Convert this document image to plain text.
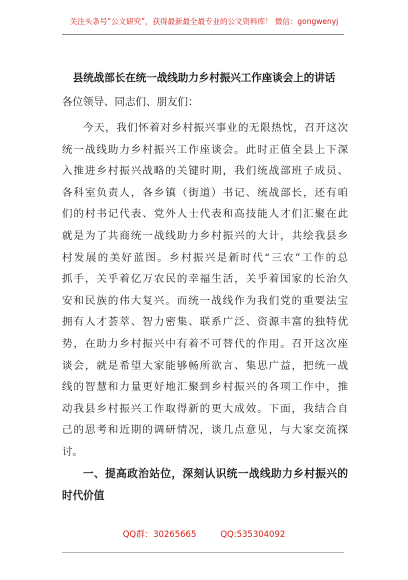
关注头条号“公文研究”，获得最新最全最专业的公文资料库！ 微信：gongwenyj
县统战部长在统一战线助力乡村振兴工作座谈会上的讲话
各位领导、同志们、朋友们：
今天，我们怀着对乡村振兴事业的无限热忱，召开这次
统一战线助力乡村振兴工作座谈会。此时正值全县上下深
入推进乡村振兴战略的关键时期，我们统战部班子成员、
各科室负责人，各乡镇（街道）书记、统战部长，还有咱
们的村书记代表、党外人士代表和高技能人才们汇聚在此
就是为了共商统一战线助力乡村振兴的大计，共绘我县乡
村发展的美好蓝图。乡村振兴是新时代“三农”工作的总
抓手，关乎着亿万农民的幸福生活，关乎着国家的长治久
安和民族的伟大复兴。而统一战线作为我们党的重要法宝
拥有人才荟萃、智力密集、联系广泛、资源丰富的独特优
势，在助力乡村振兴中有着不可替代的作用。召开这次座
谈会，就是希望大家能够畅所欲言、集思广益，把统一战
线的智慧和力量更好地汇聚到乡村振兴的各项工作中，推
动我县乡村振兴工作取得新的更大成效。下面，我结合自
己的思考和近期的调研情况，谈几点意见，与大家交流探
讨。
一、提高政治站位，深刻认识统一战线助力乡村振兴的
时代价值
QQ群：30265665	QQ:535304092
